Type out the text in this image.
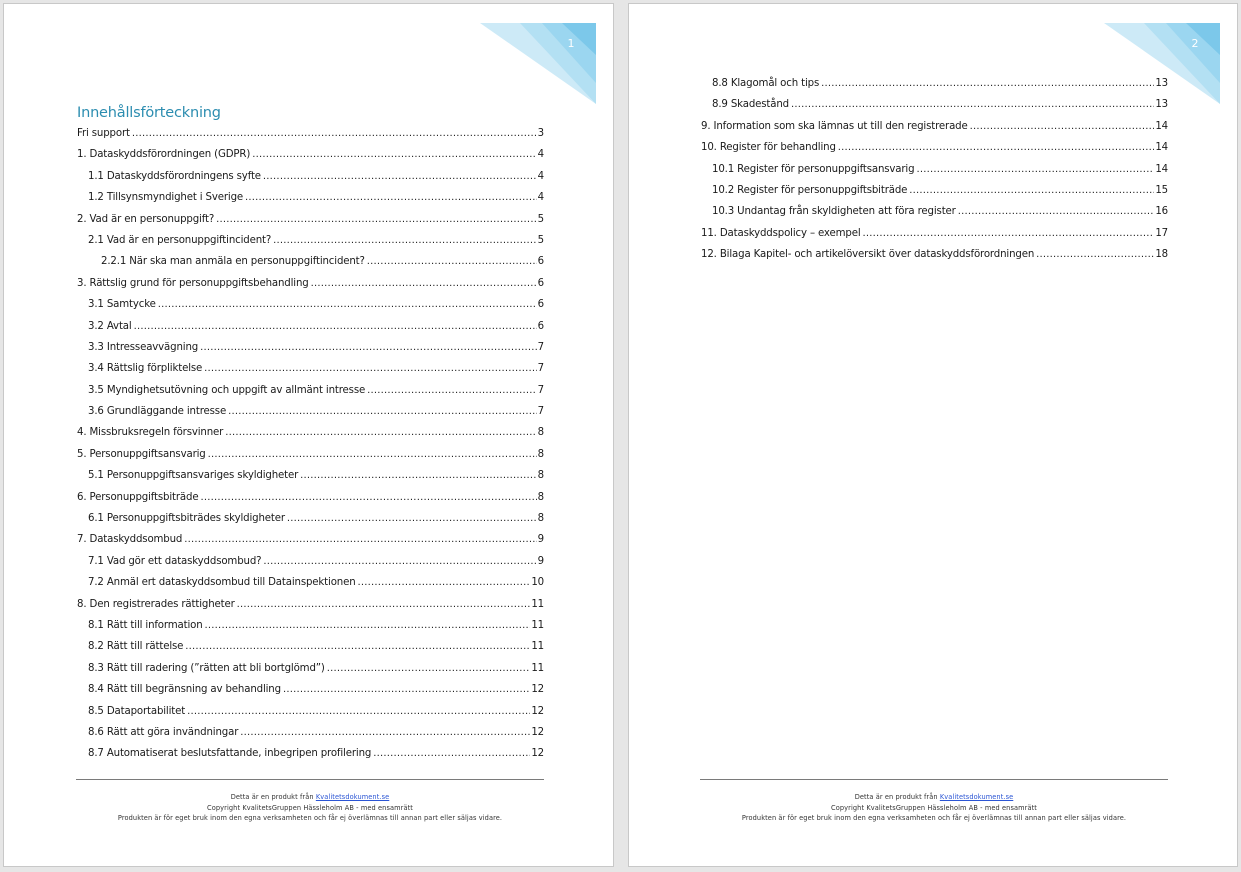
1
Innehållsförteckning
Fri support .....	3
1. Dataskyddsförordningen (GDPR) .....	4
1.1 Dataskyddsförordningens syfte .....	4
1.2 Tillsynsmyndighet i Sverige .....	4
2. Vad är en personuppgift? .....	5
2.1 Vad är en personuppgiftincident? .....	5
2.2.1 När ska man anmäla en personuppgiftincident? .....	6
3. Rättslig grund för personuppgiftsbehandling .....	6
3.1 Samtycke .....	6
3.2 Avtal .....	6
3.3 Intresseavvägning .....	7
3.4 Rättslig förpliktelse .....	7
3.5 Myndighetsutövning och uppgift av allmänt intresse .....	7
3.6 Grundläggande intresse .....	7
4. Missbruksregeln försvinner .....	8
5. Personuppgiftsansvarig .....	8
5.1 Personuppgiftsansvariges skyldigheter .....	8
6. Personuppgiftsbiträde .....	8
6.1 Personuppgiftsbiträdes skyldigheter .....	8
7. Dataskyddsombud .....	9
7.1 Vad gör ett dataskyddsombud? .....	9
7.2 Anmäl ert dataskyddsombud till Datainspektionen .....	10
8. Den registrerades rättigheter .....	11
8.1 Rätt till information .....	11
8.2 Rätt till rättelse .....	11
8.3 Rätt till radering (”rätten att bli bortglömd”) .....	11
8.4 Rätt till begränsning av behandling .....	12
8.5 Dataportabilitet .....	12
8.6 Rätt att göra invändningar .....	12
8.7 Automatiserat beslutsfattande, inbegripen profilering .....	12
Detta är en produkt från Kvalitetsdokument.se
Copyright KvalitetsGruppen Hässleholm AB - med ensamrätt
Produkten är för eget bruk inom den egna verksamheten och får ej överlämnas till annan part eller säljas vidare.
2
8.8 Klagomål och tips .....	13
8.9 Skadestånd .....	13
9. Information som ska lämnas ut till den registrerade .....	14
10. Register för behandling .....	14
10.1 Register för personuppgiftsansvarig .....	14
10.2 Register för personuppgiftsbiträde .....	15
10.3 Undantag från skyldigheten att föra register .....	16
11. Dataskyddspolicy – exempel .....	17
12. Bilaga Kapitel- och artikelöversikt över dataskyddsförordningen .....	18
Detta är en produkt från Kvalitetsdokument.se
Copyright KvalitetsGruppen Hässleholm AB - med ensamrätt
Produkten är för eget bruk inom den egna verksamheten och får ej överlämnas till annan part eller säljas vidare.
